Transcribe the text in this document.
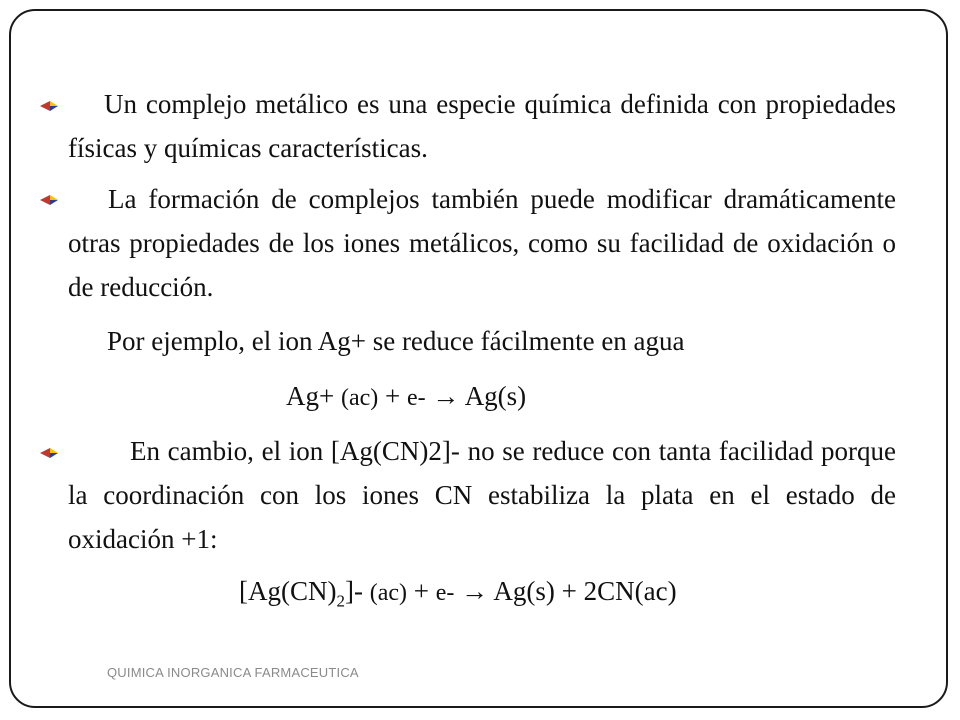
Un complejo metálico es una especie química definida con propiedades físicas y químicas características.

La formación de complejos también puede modificar dramáticamente otras propiedades de los iones metálicos, como su facilidad de oxidación o de reducción.

Por ejemplo, el ion Ag+ se reduce fácilmente en agua

Ag+ (ac) + e- → Ag(s)

En cambio, el ion [Ag(CN)2]- no se reduce con tanta facilidad porque la coordinación con los iones CN estabiliza la plata en el estado de oxidación +1:

$[Ag(CN)_2]-$ (ac) + e- → Ag(s) + 2CN(ac)

QUIMICA INORGANICA FARMACEUTICA
